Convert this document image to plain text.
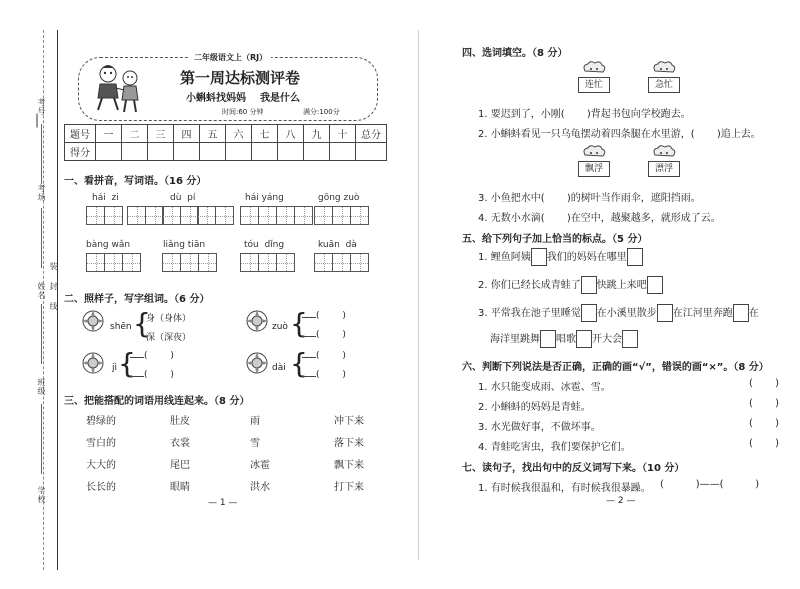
考号
考场
装
封
线
姓名
班级
学校
二年级语文上（RJ）
第一周达标测评卷
小蝌蚪找妈妈    我是什么
时间:60 分钟	满分:100分
题号	一	二	三	四	五	六	七	八	九	十	总分
得分											
一、看拼音，写词语。（16 分）
hái  zi	dù  pí	hái yáng	gōng zuò
bàng wǎn	liǎng tiān	tóu  dǐng	kuān  dà
二、照样子，写字组词。（6 分）
shēn {
身（身体）
深（深夜）
zuò { (        )
(        )
jì { (        )
(        )
dài { (        )
(        )
三、把能搭配的词语用线连起来。（8 分）
碧绿的
雪白的
大大的
长长的
肚皮
衣裳
尾巴
眼睛
雨
雪
冰雹
洪水
冲下来
落下来
飘下来
打下来
— 1 —
四、选词填空。（8 分）
连忙	急忙
1. 要迟到了，小刚(       )背起书包向学校跑去。
2. 小蝌蚪看见一只乌龟摆动着四条腿在水里游，(       )追上去。
飘浮	漂浮
3. 小鱼把水中(       )的树叶当作雨伞，遮阳挡雨。
4. 无数小水滴(       )在空中，越聚越多，就形成了云。
五、给下列句子加上恰当的标点。（5 分）
1. 鲤鱼阿姨 我们的妈妈在哪里
2. 你们已经长成青蛙了 快跳上来吧
3. 平常我在池子里睡觉 在小溪里散步 在江河里奔跑 在
海洋里跳舞 唱歌 开大会
六、判断下列说法是否正确，正确的画“√”，错误的画“×”。（8 分）
1. 水只能变成雨、冰雹、雪。	(       )
2. 小蝌蚪的妈妈是青蛙。	(       )
3. 水光做好事，不做坏事。	(       )
4. 青蛙吃害虫，我们要保护它们。	(       )
七、读句子，找出句中的反义词写下来。（10 分）
1. 有时候我很温和，有时候我很暴躁。 (          )——(          )
— 2 —
